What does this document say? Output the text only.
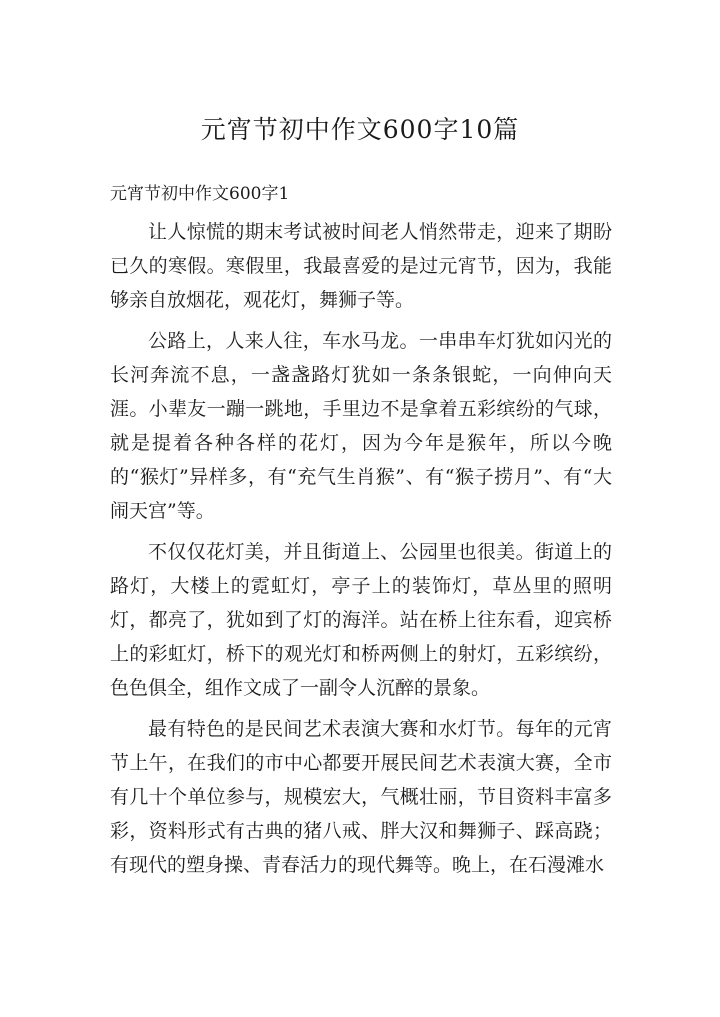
元宵节初中作文600字10篇
元宵节初中作文600字1

让人惊慌的期末考试被时间老人悄然带走，迎来了期盼已久的寒假。寒假里，我最喜爱的是过元宵节，因为，我能够亲自放烟花，观花灯，舞狮子等。

公路上，人来人往，车水马龙。一串串车灯犹如闪光的长河奔流不息，一盏盏路灯犹如一条条银蛇，一向伸向天涯。小辈友一蹦一跳地，手里边不是拿着五彩缤纷的气球，就是提着各种各样的花灯，因为今年是猴年，所以今晚的“猴灯”异样多，有“充气生肖猴”、有“猴子捞月”、有“大闹天宫”等。

不仅仅花灯美，并且街道上、公园里也很美。街道上的路灯，大楼上的霓虹灯，亭子上的装饰灯，草丛里的照明灯，都亮了，犹如到了灯的海洋。站在桥上往东看，迎宾桥上的彩虹灯，桥下的观光灯和桥两侧上的射灯，五彩缤纷，色色俱全，组作文成了一副令人沉醉的景象。

最有特色的是民间艺术表演大赛和水灯节。每年的元宵节上午，在我们的市中心都要开展民间艺术表演大赛，全市有几十个单位参与，规模宏大，气概壮丽，节目资料丰富多彩，资料形式有古典的猪八戒、胖大汉和舞狮子、踩高跷；有现代的塑身操、青春活力的现代舞等。晚上，在石漫滩水
